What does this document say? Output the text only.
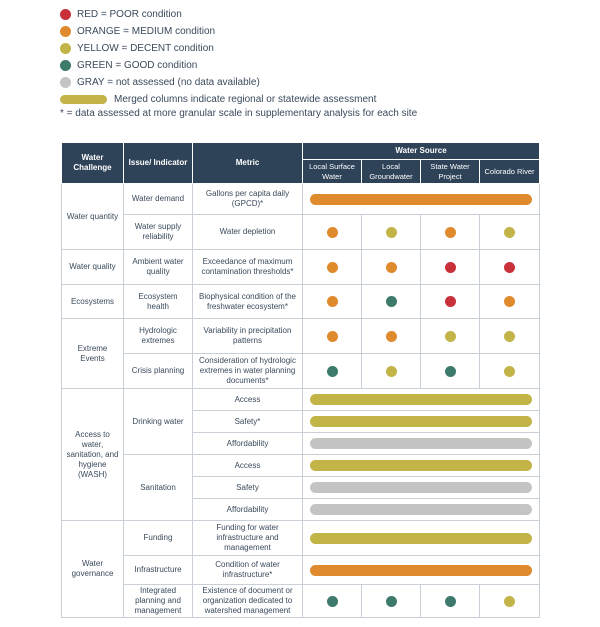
RED = POOR condition
ORANGE = MEDIUM condition
YELLOW = DECENT condition
GREEN = GOOD condition
GRAY = not assessed (no data available)
Merged columns indicate regional or statewide assessment
* = data assessed at more granular scale in supplementary analysis for each site
Water Challenge	Issue/ Indicator	Metric	Water Source			
			Local Surface Water	Local Groundwater	State Water Project	Colorado River
Water quantity	Water demand	Gallons per capita daily (GPCD)*				

	Water supply reliability	Water depletion	

Water quality	Ambient water quality	Exceedance of maximum contamination thresholds*	

Ecosystems	Ecosystem health	Biophysical condition of the freshwater ecosystem*	

Extreme Events	Hydrologic extremes	Variability in precipitation patterns	

	Crisis planning	Consideration of hydrologic extremes in water planning documents*	

Access to water, sanitation, and hygiene (WASH)	Drinking water	Access				

		Safety*				

		Affordability				

	Sanitation	Access				

		Safety				

		Affordability				

Water governance	Funding	Funding for water infrastructure and management				

	Infrastructure	Condition of water infrastructure*				

	Integrated planning and management	Existence of document or organization dedicated to watershed management	
